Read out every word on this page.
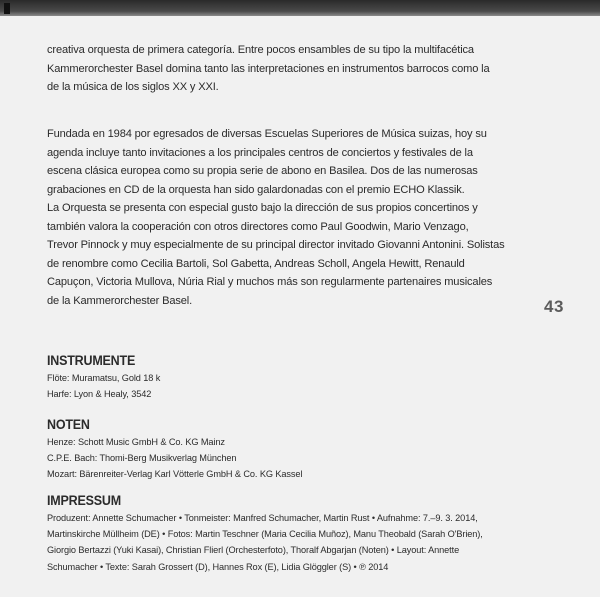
creativa orquesta de primera categoría. Entre pocos ensambles de su tipo la multifacética
Kammerorchester Basel domina tanto las interpretaciones en instrumentos barrocos como la
de la música de los siglos XX y XXI.
Fundada en 1984 por egresados de diversas Escuelas Superiores de Música suizas, hoy su
agenda incluye tanto invitaciones a los principales centros de conciertos y festivales de la
escena clásica europea como su propia serie de abono en Basilea. Dos de las numerosas
grabaciones en CD de la orquesta han sido galardonadas con el premio ECHO Klassik.
La Orquesta se presenta con especial gusto bajo la dirección de sus propios concertinos y
también valora la cooperación con otros directores como Paul Goodwin, Mario Venzago,
Trevor Pinnock y muy especialmente de su principal director invitado Giovanni Antonini. Solistas
de renombre como Cecilia Bartoli, Sol Gabetta, Andreas Scholl, Angela Hewitt, Renauld
Capuçon, Victoria Mullova, Núria Rial y muchos más son regularmente partenaires musicales
de la Kammerorchester Basel.	43
INSTRUMENTE
Flöte: Muramatsu, Gold 18 k
Harfe: Lyon & Healy, 3542
NOTEN
Henze: Schott Music GmbH & Co. KG Mainz
C.P.E. Bach: Thomi-Berg Musikverlag München
Mozart: Bärenreiter-Verlag Karl Vötterle GmbH & Co. KG Kassel
IMPRESSUM
Produzent: Annette Schumacher • Tonmeister: Manfred Schumacher, Martin Rust • Aufnahme: 7.–9. 3. 2014,
Martinskirche Müllheim (DE) • Fotos: Martin Teschner (Maria Cecilia Muñoz), Manu Theobald (Sarah O'Brien),
Giorgio Bertazzi (Yuki Kasai), Christian Flierl (Orchesterfoto), Thoralf Abgarjan (Noten) • Layout: Annette
Schumacher • Texte: Sarah Grossert (D), Hannes Rox (E), Lidia Glöggler (S) • ℗ 2014
